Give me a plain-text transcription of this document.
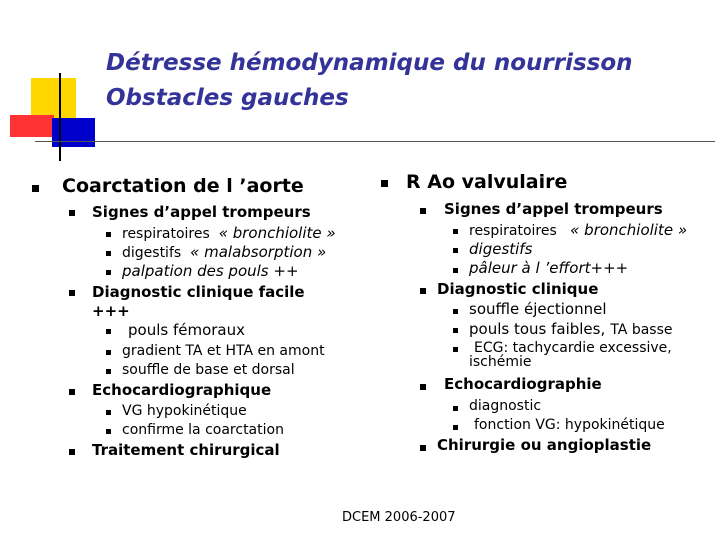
Détresse hémodynamique du nourrisson
Obstacles gauches
Coarctation de l ’aorte
Signes d’appel trompeurs
respiratoires « bronchiolite »
digestifs « malabsorption »
palpation des pouls ++
Diagnostic clinique facile
+++
pouls fémoraux
gradient TA et HTA en amont
souffle de base et dorsal
Echocardiographique
VG hypokinétique
confirme la coarctation
Traitement chirurgical
R Ao valvulaire
Signes d’appel trompeurs
respiratoires « bronchiolite »
digestifs
pâleur à l ’effort+++
Diagnostic clinique
souffle éjectionnel
pouls tous faibles, TA basse
ECG: tachycardie excessive,
ischémie
Echocardiographie
diagnostic
fonction VG: hypokinétique
Chirurgie ou angioplastie
DCEM 2006-2007
